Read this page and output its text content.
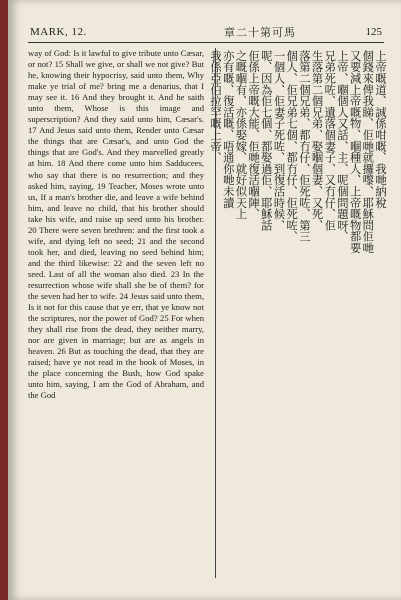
MARK, 12.	章二十第可馬	125

way of God: Is it lawful to give tribute unto Cæsar, or not? 15 Shall we give, or shall we not give? But he, knowing their hypocrisy, said unto them, Why make ye trial of me? bring me a denarius, that I may see it. 16 And they brought it. And he saith unto them, Whose is this image and superscription? And they said unto him, Cæsar's. 17 And Jesus said unto them, Render unto Cæsar the things that are Cæsar's, and unto God the things that are God's. And they marvelled greatly at him. 18 And there come unto him Sadducees, who say that there is no resurrection; and they asked him, saying, 19 Teacher, Moses wrote unto us, If a man's brother die, and leave a wife behind him, and leave no child, that his brother should take his wife, and raise up seed unto his brother. 20 There were seven brethren: and the first took a wife, and dying left no seed; 21 and the second took her, and died, leaving no seed behind him; and the third likewise: 22 and the seven left no seed. Last of all the woman also died. 23 In the resurrection whose wife shall she be of them? for the seven had her to wife. 24 Jesus said unto them, Is it not for this cause that ye err, that ye know not the scriptures, nor the power of God? 25 For when they shall rise from the dead, they neither marry, nor are given in marriage; but are as angels in heaven. 26 But as touching the dead, that they are raised; have ye not read in the book of Moses, in the place concerning the Bush, how God spake unto him, saying, I am the God of Abraham, and the God

上帝嘅道、誠係咁嘅、我哋納稅
個錢來俾我睇、佢哋就攞嚟、耶穌問佢哋
又要減上帝嘅物、嗰種人、上帝嘅物都要
上帝、嗰個人又話、主、呢個問題呀、
兄弟死咗、遺落個妻子、又冇仔、佢
生落第二個兄弟、娶嗰個妻、又死、
落第二個兄弟、都冇仔、佢死咗、第三
個人、佢兄弟七個、都冇仔、佢死咗、
一個人、佢妻子死咗、到復活時候、
呢、因為佢七個、都娶過佢、耶穌話
佢係上帝嘅大能、佢哋復活嗰陣、
之嘅嗰有、亦係娶嫁、就好似天上
亦有嘅、復活嘅、唔通你哋未讀
我係亞伯拉罕嘅上帝、
